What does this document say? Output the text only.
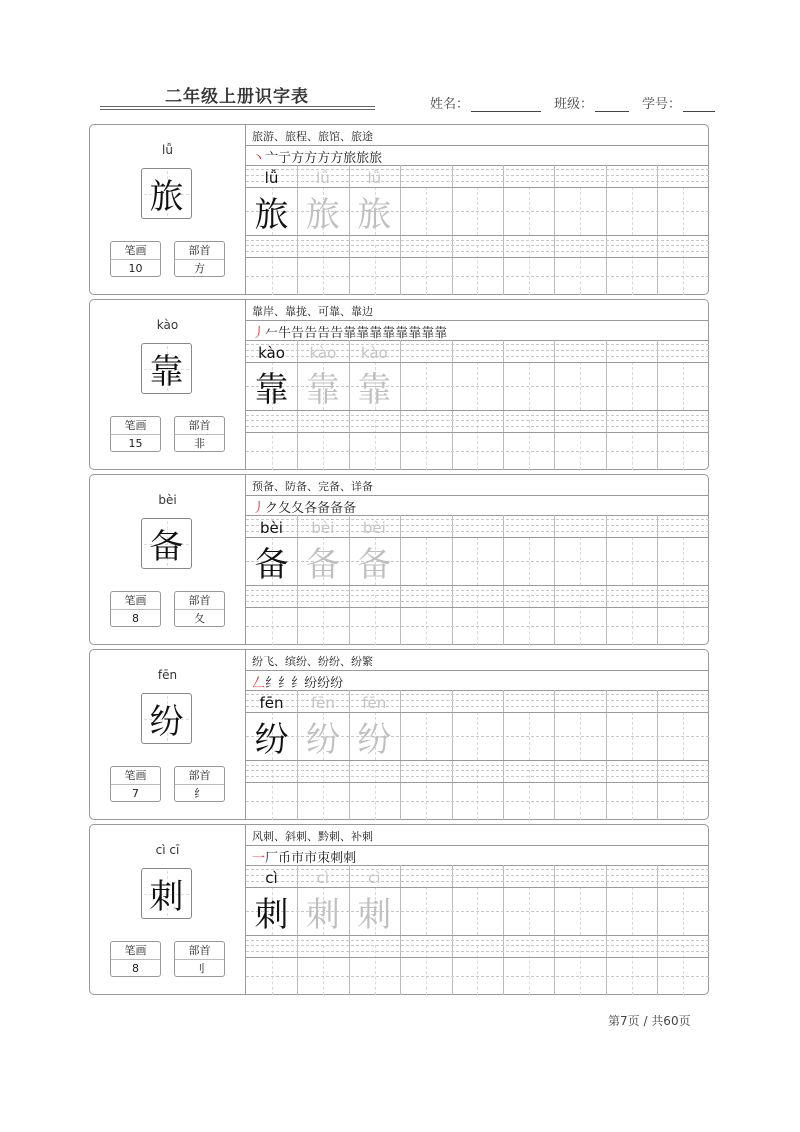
二年级上册识字表	姓名：	班级：	学号：
lǚ
旅
笔画
10
部首
方
旅游、旅程、旅馆、旅途
丶亠亍方方方方旅旅旅
lǚ
旅
lǚ
旅
lǚ
旅
kào
靠
笔画
15
部首
非
靠岸、靠拢、可靠、靠边
丿𠂉牛告告告告靠靠靠靠靠靠靠靠
kào
靠
kào
靠
kào
靠
bèi
备
笔画
8
部首
夂
预备、防备、完备、详备
丿ク夂夂各备备备
bèi
备
bèi
备
bèi
备
fēn
纷
笔画
7
部首
纟
纷飞、缤纷、纷纷、纷繁
𠃋纟纟纟纷纷纷
fēn
纷
fēn
纷
fēn
纷
cì cī
刺
笔画
8
部首
刂
风刺、斜刺、黔刺、补刺
一厂币市市朿刺刺
cì
刺
cì
刺
cì
刺
第7页 / 共60页
